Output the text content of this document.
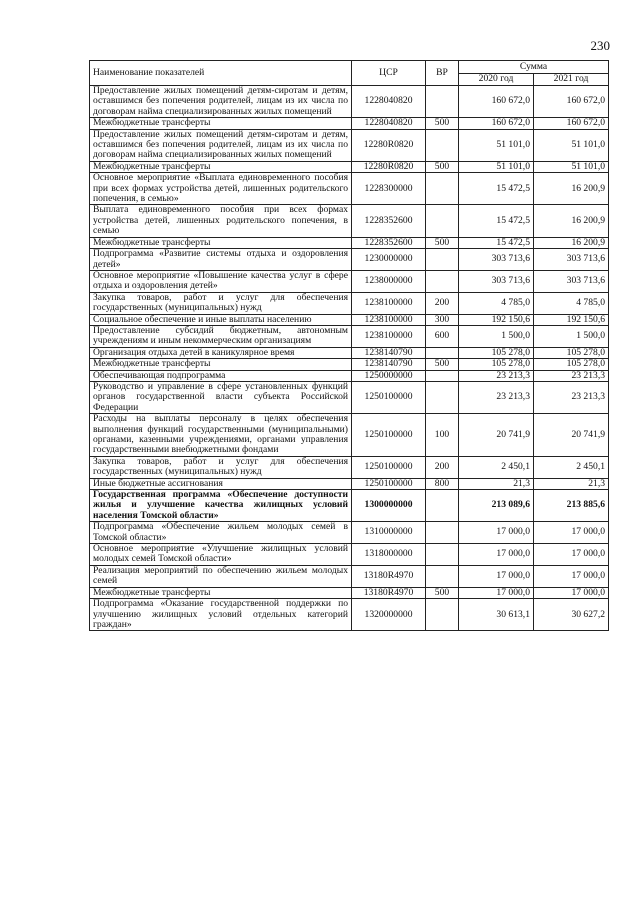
230
Наименование показателей	ЦСР	ВР	Сумма	
			2020 год	2021 год
Предоставление жилых помещений детям-сиротам и детям, оставшимся без попечения родителей, лицам из их числа по договорам найма специализированных жилых помещений	1228040820		160 672,0	160 672,0
Межбюджетные трансферты	1228040820	500	160 672,0	160 672,0
Предоставление жилых помещений детям-сиротам и детям, оставшимся без попечения родителей, лицам из их числа по договорам найма специализированных жилых помещений	12280R0820		51 101,0	51 101,0
Межбюджетные трансферты	12280R0820	500	51 101,0	51 101,0
Основное мероприятие «Выплата единовременного пособия при всех формах устройства детей, лишенных родительского попечения, в семью»	1228300000		15 472,5	16 200,9
Выплата единовременного пособия при всех формах устройства детей, лишенных родительского попечения, в семью	1228352600		15 472,5	16 200,9
Межбюджетные трансферты	1228352600	500	15 472,5	16 200,9
Подпрограмма «Развитие системы отдыха и оздоровления детей»	1230000000		303 713,6	303 713,6
Основное мероприятие «Повышение качества услуг в сфере отдыха и оздоровления детей»	1238000000		303 713,6	303 713,6
Закупка товаров, работ и услуг для обеспечения государственных (муниципальных) нужд	1238100000	200	4 785,0	4 785,0
Социальное обеспечение и иные выплаты населению	1238100000	300	192 150,6	192 150,6
Предоставление субсидий бюджетным, автономным учреждениям и иным некоммерческим организациям	1238100000	600	1 500,0	1 500,0
Организация отдыха детей в каникулярное время	1238140790		105 278,0	105 278,0
Межбюджетные трансферты	1238140790	500	105 278,0	105 278,0
Обеспечивающая подпрограмма	1250000000		23 213,3	23 213,3
Руководство и управление в сфере установленных функций органов государственной власти субъекта Российской Федерации	1250100000		23 213,3	23 213,3
Расходы на выплаты персоналу в целях обеспечения выполнения функций государственными (муниципальными) органами, казенными учреждениями, органами управления государственными внебюджетными фондами	1250100000	100	20 741,9	20 741,9
Закупка товаров, работ и услуг для обеспечения государственных (муниципальных) нужд	1250100000	200	2 450,1	2 450,1
Иные бюджетные ассигнования	1250100000	800	21,3	21,3
Государственная программа «Обеспечение доступности жилья и улучшение качества жилищных условий населения Томской области»	1300000000		213 089,6	213 885,6
Подпрограмма «Обеспечение жильем молодых семей в Томской области»	1310000000		17 000,0	17 000,0
Основное мероприятие «Улучшение жилищных условий молодых семей Томской области»	1318000000		17 000,0	17 000,0
Реализация мероприятий по обеспечению жильем молодых семей	13180R4970		17 000,0	17 000,0
Межбюджетные трансферты	13180R4970	500	17 000,0	17 000,0
Подпрограмма «Оказание государственной поддержки по улучшению жилищных условий отдельных категорий граждан»	1320000000		30 613,1	30 627,2
